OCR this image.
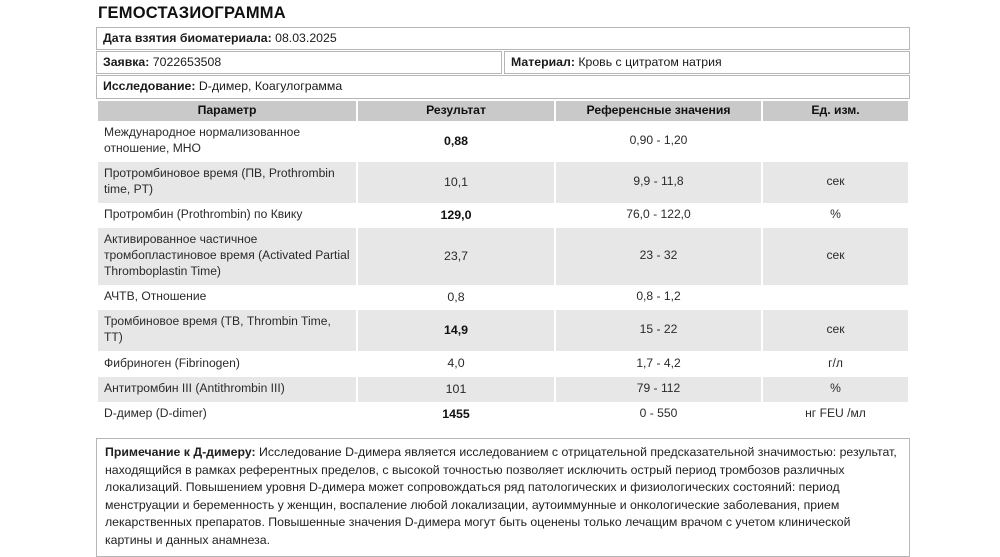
ГЕМОСТАЗИОГРАММА
Дата взятия биоматериала: 08.03.2025
Заявка: 7022653508	Материал: Кровь с цитратом натрия
Исследование: D-димер, Коагулограмма
Параметр	Результат	Референсные значения	Ед. изм.
Международное нормализованное отношение, МНО	0,88	0,90 - 1,20	
Протромбиновое время (ПВ, Prothrombin time, PT)	10,1	9,9 - 11,8	сек
Протромбин (Prothrombin) по Квику	129,0	76,0 - 122,0	%
Активированное частичное тромбопластиновое время (Activated Partial Thromboplastin Time)	23,7	23 - 32	сек
АЧТВ, Отношение	0,8	0,8 - 1,2	
Тромбиновое время (ТВ, Thrombin Time, ТТ)	14,9	15 - 22	сек
Фибриноген (Fibrinogen)	4,0	1,7 - 4,2	г/л
Антитромбин III (Antithrombin III)	101	79 - 112	%
D-димер (D-dimer)	1455	0 - 550	нг FEU /мл
Примечание к Д-димеру: Исследование D-димера является исследованием с отрицательной предсказательной значимостью: результат, находящийся в рамках референтных пределов, с высокой точностью позволяет исключить острый период тромбозов различных локализаций. Повышением уровня D-димера может сопровождаться ряд патологических и физиологических состояний: период менструации и беременность у женщин, воспаление любой локализации, аутоиммунные и онкологические заболевания, прием лекарственных препаратов. Повышенные значения D-димера могут быть оценены только лечащим врачом с учетом клинической картины и данных анамнеза.
